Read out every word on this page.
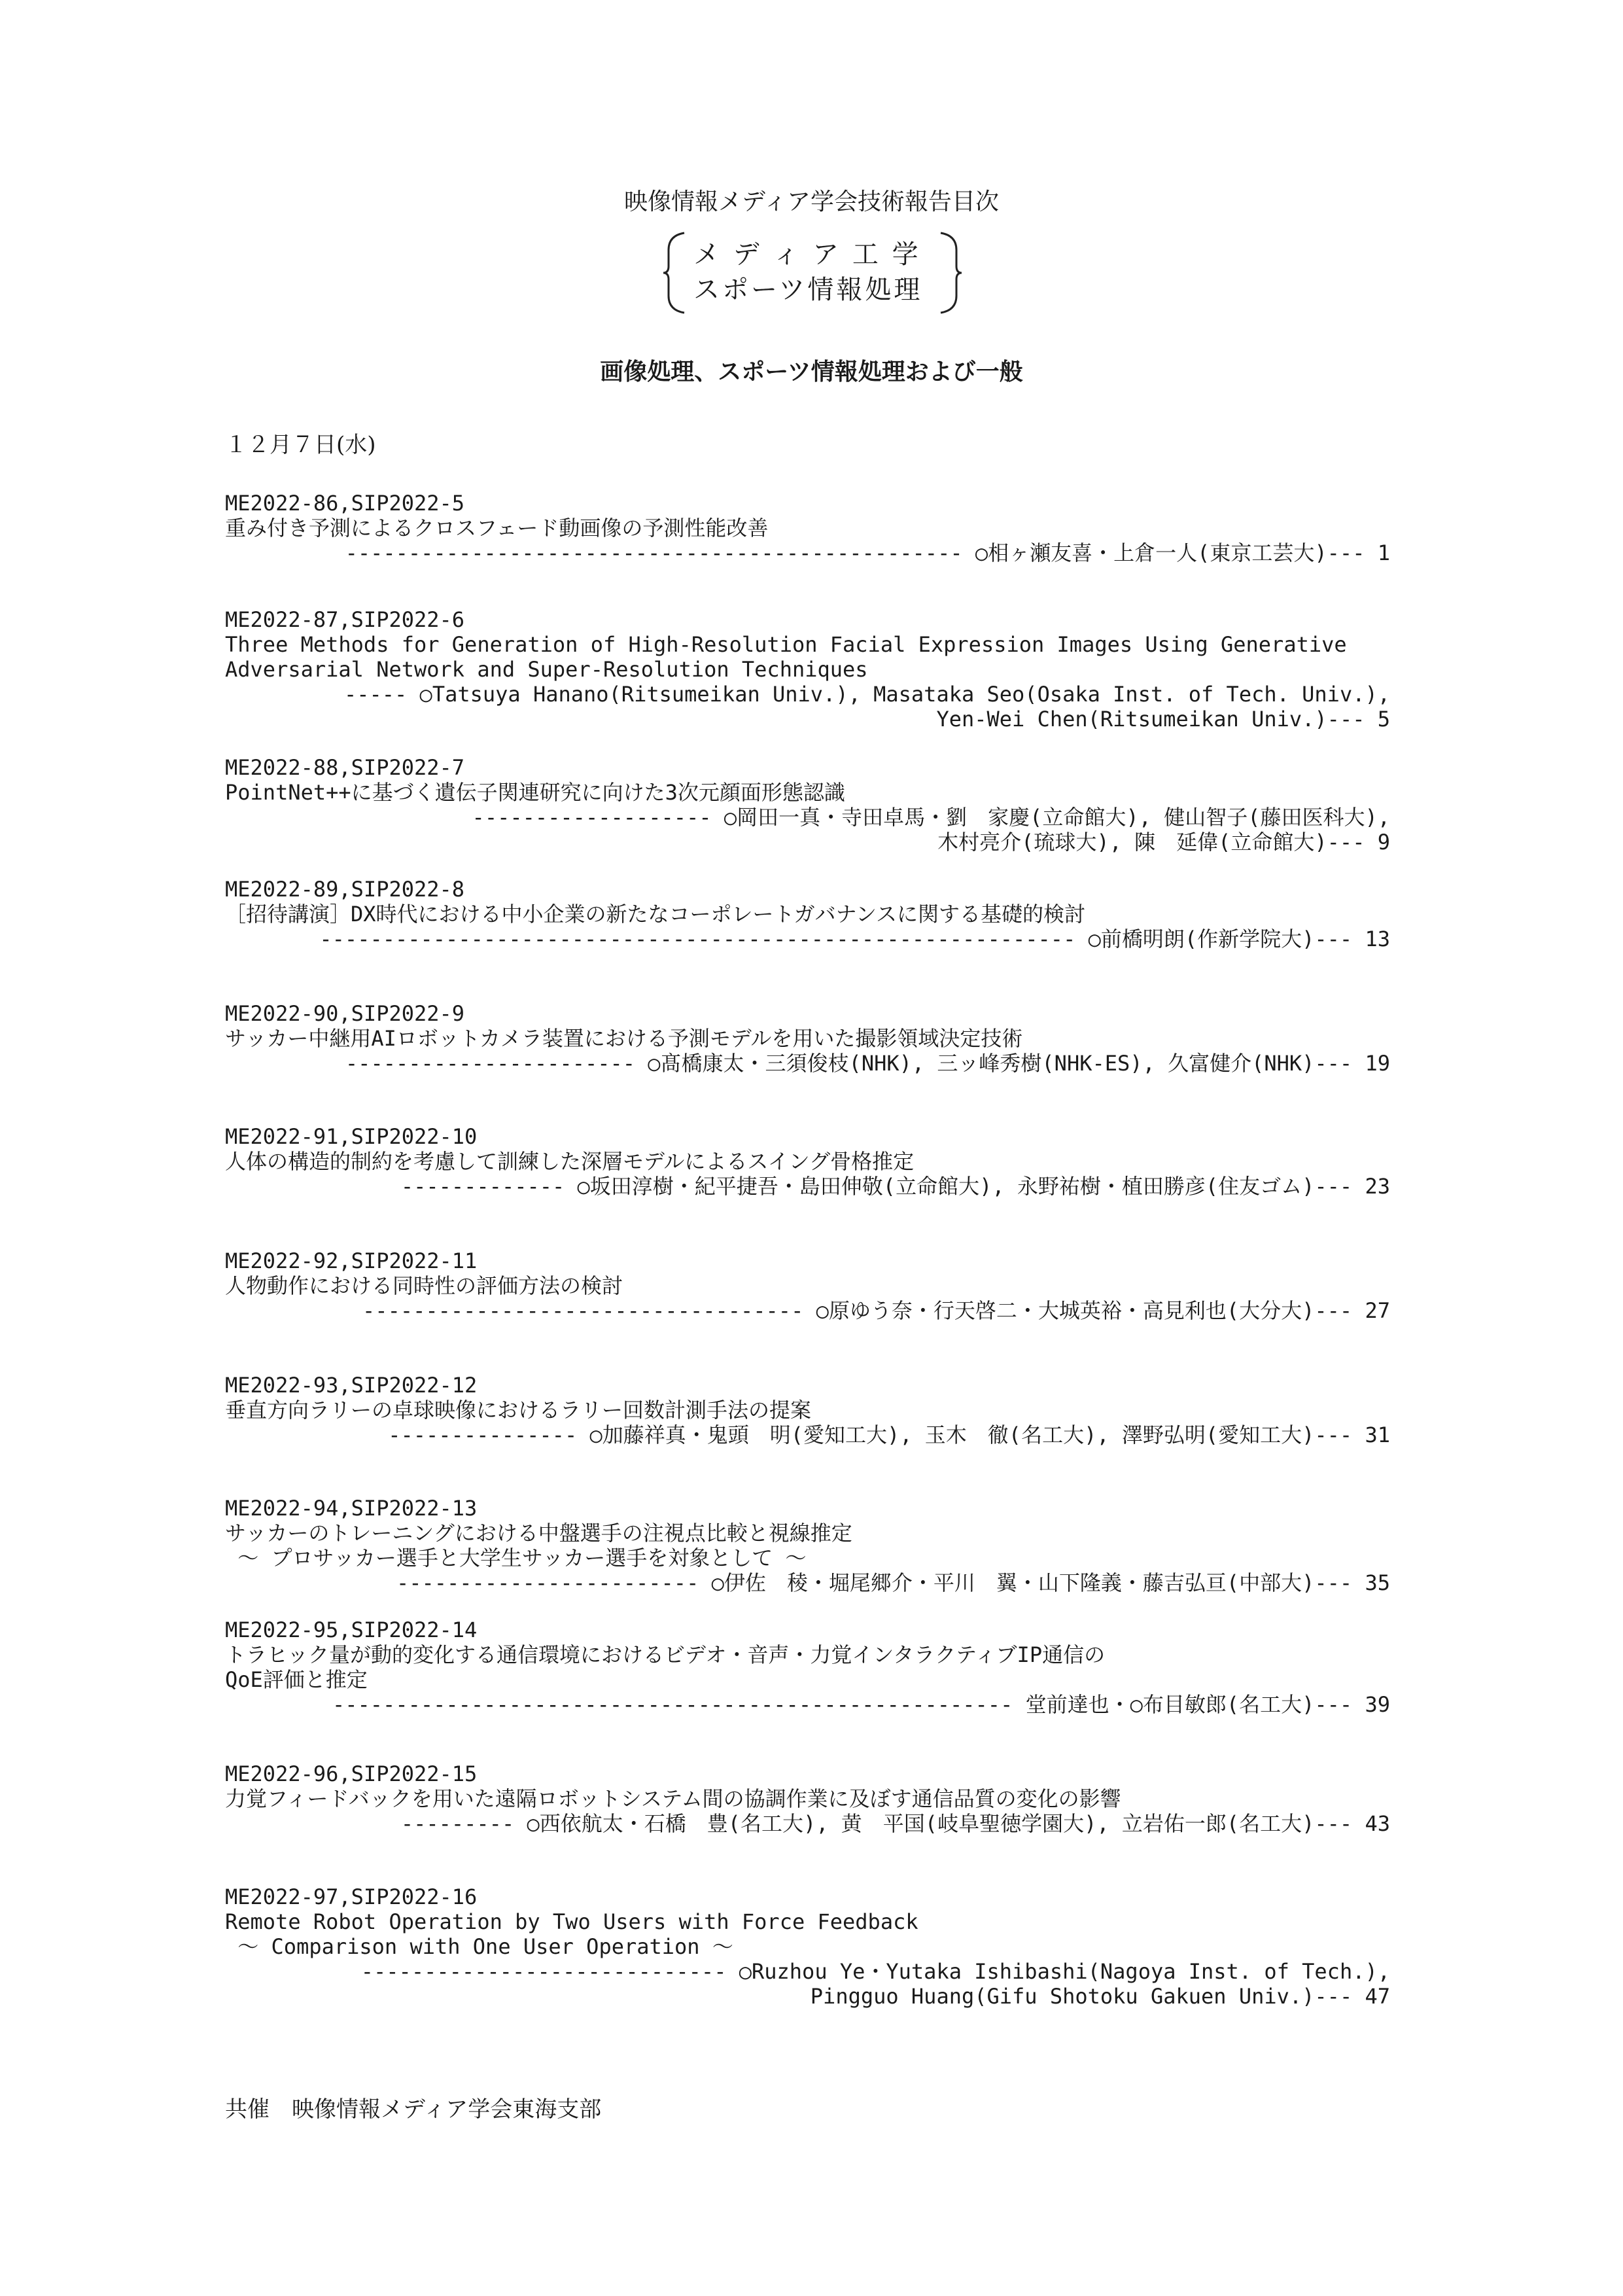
映像情報メディア学会技術報告目次
メ デ ィ ア 工 学
スポーツ情報処理
画像処理、スポーツ情報処理および一般
１２月７日(水)
ME2022-86,SIP2022-5
重み付き予測によるクロスフェード動画像の予測性能改善
------------------------------------------------- ○相ヶ瀬友喜・上倉一人(東京工芸大)--- 1
ME2022-87,SIP2022-6
Three Methods for Generation of High-Resolution Facial Expression Images Using Generative
Adversarial Network and Super-Resolution Techniques
----- ○Tatsuya Hanano(Ritsumeikan Univ.), Masataka Seo(Osaka Inst. of Tech. Univ.),
Yen-Wei Chen(Ritsumeikan Univ.)--- 5
ME2022-88,SIP2022-7
PointNet++に基づく遺伝子関連研究に向けた3次元顔面形態認識
------------------- ○岡田一真・寺田卓馬・劉　家慶(立命館大), 健山智子(藤田医科大),
木村亮介(琉球大), 陳　延偉(立命館大)--- 9
ME2022-89,SIP2022-8
［招待講演］DX時代における中小企業の新たなコーポレートガバナンスに関する基礎的検討
------------------------------------------------------------ ○前橋明朗(作新学院大)--- 13
ME2022-90,SIP2022-9
サッカー中継用AIロボットカメラ装置における予測モデルを用いた撮影領域決定技術
----------------------- ○髙橋康太・三須俊枝(NHK), 三ッ峰秀樹(NHK-ES), 久富健介(NHK)--- 19
ME2022-91,SIP2022-10
人体の構造的制約を考慮して訓練した深層モデルによるスイング骨格推定
------------- ○坂田淳樹・紀平捷吾・島田伸敬(立命館大), 永野祐樹・植田勝彦(住友ゴム)--- 23
ME2022-92,SIP2022-11
人物動作における同時性の評価方法の検討
----------------------------------- ○原ゆう奈・行天啓二・大城英裕・高見利也(大分大)--- 27
ME2022-93,SIP2022-12
垂直方向ラリーの卓球映像におけるラリー回数計測手法の提案
--------------- ○加藤祥真・鬼頭　明(愛知工大), 玉木　徹(名工大), 澤野弘明(愛知工大)--- 31
ME2022-94,SIP2022-13
サッカーのトレーニングにおける中盤選手の注視点比較と視線推定
～ プロサッカー選手と大学生サッカー選手を対象として ～
------------------------ ○伊佐　稜・堀尾郷介・平川　翼・山下隆義・藤吉弘亘(中部大)--- 35
ME2022-95,SIP2022-14
トラヒック量が動的変化する通信環境におけるビデオ・音声・力覚インタラクティブIP通信の
QoE評価と推定
------------------------------------------------------ 堂前達也・○布目敏郎(名工大)--- 39
ME2022-96,SIP2022-15
力覚フィードバックを用いた遠隔ロボットシステム間の協調作業に及ぼす通信品質の変化の影響
--------- ○西依航太・石橋　豊(名工大), 黄　平国(岐阜聖徳学園大), 立岩佑一郎(名工大)--- 43
ME2022-97,SIP2022-16
Remote Robot Operation by Two Users with Force Feedback
～ Comparison with One User Operation ～
----------------------------- ○Ruzhou Ye・Yutaka Ishibashi(Nagoya Inst. of Tech.),
Pingguo Huang(Gifu Shotoku Gakuen Univ.)--- 47
共催　映像情報メディア学会東海支部
